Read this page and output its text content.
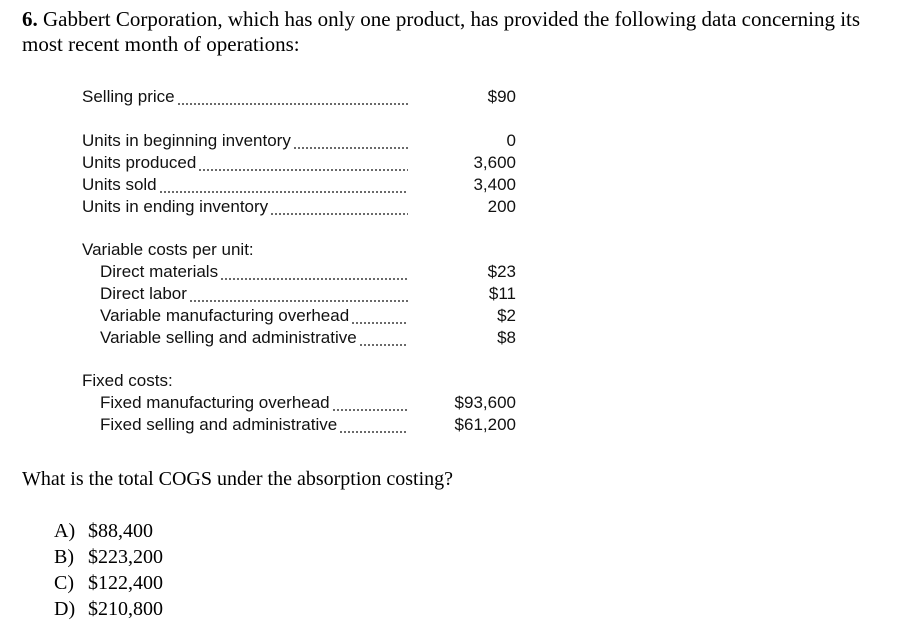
6. Gabbert Corporation, which has only one product, has provided the following data concerning its most recent month of operations:
Selling price	$90
Units in beginning inventory	0
Units produced	3,600
Units sold	3,400
Units in ending inventory	200
Variable costs per unit:
Direct materials	$23
Direct labor	$11
Variable manufacturing overhead	$2
Variable selling and administrative	$8
Fixed costs:
Fixed manufacturing overhead	$93,600
Fixed selling and administrative	$61,200
What is the total COGS under the absorption costing?
A) $88,400
B) $223,200
C) $122,400
D) $210,800
